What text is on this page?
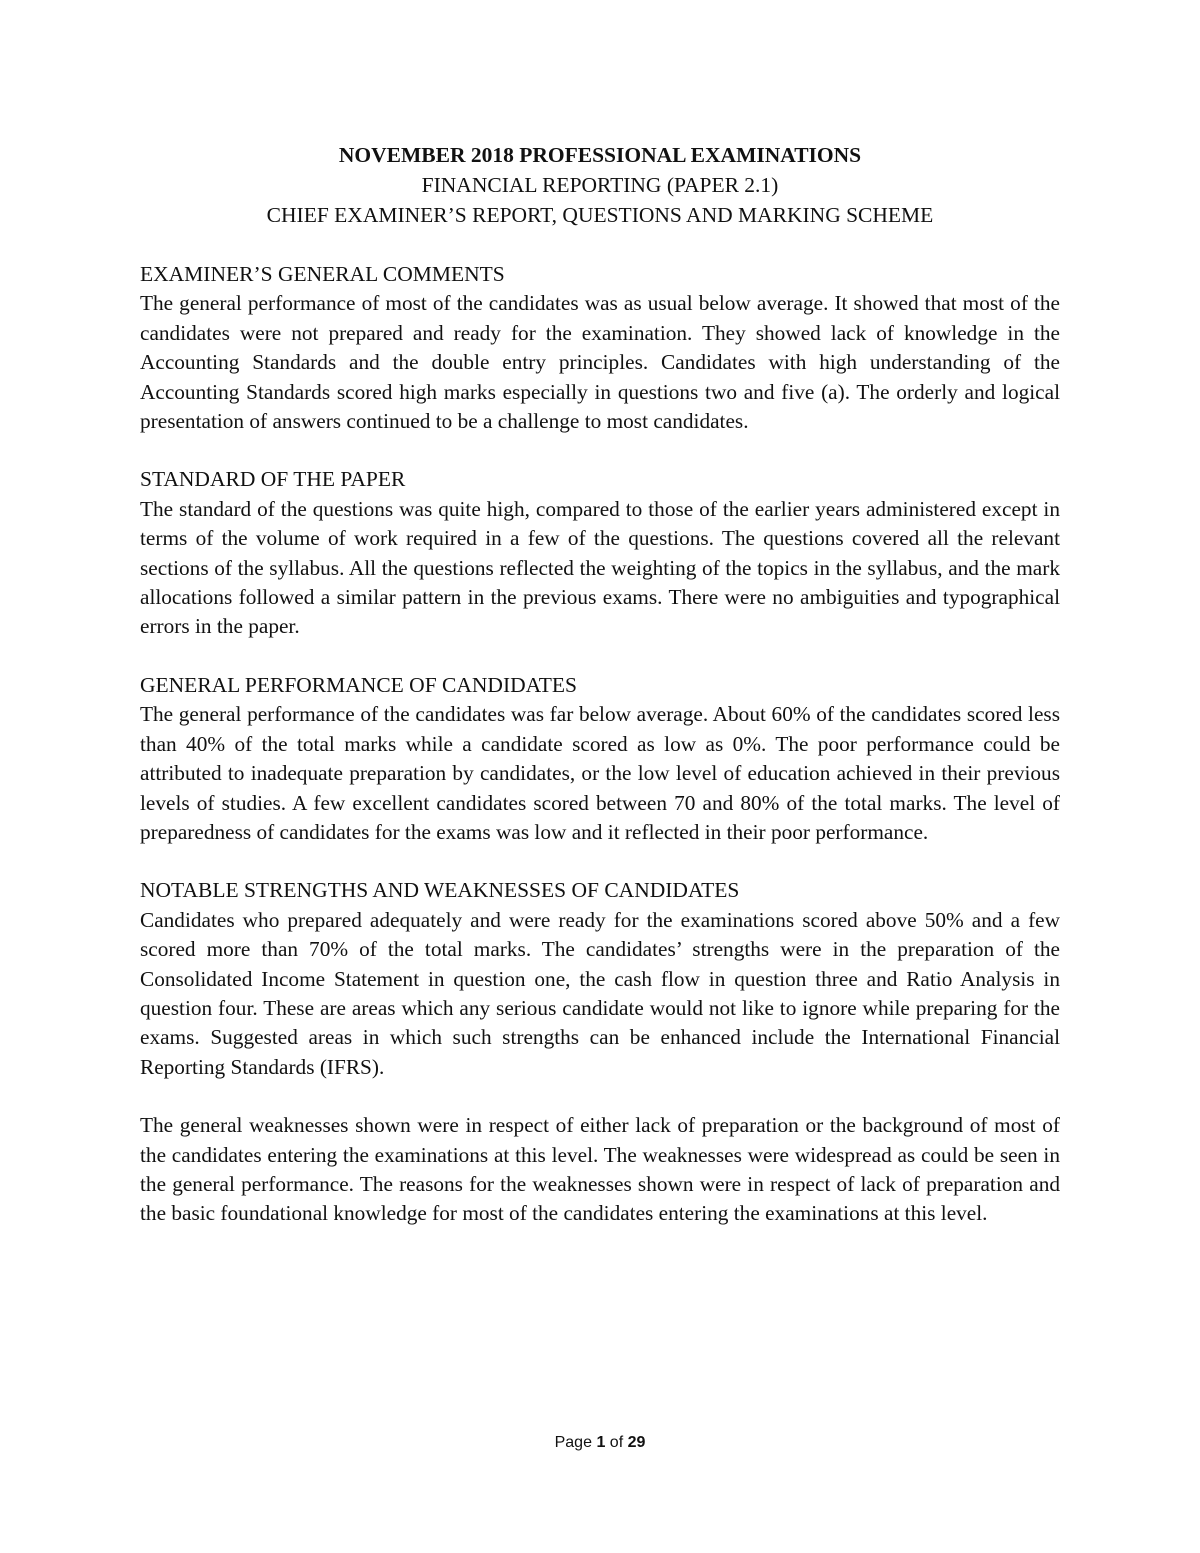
NOVEMBER 2018 PROFESSIONAL EXAMINATIONS
FINANCIAL REPORTING (PAPER 2.1)
CHIEF EXAMINER’S REPORT, QUESTIONS AND MARKING SCHEME
EXAMINER’S GENERAL COMMENTS

The general performance of most of the candidates was as usual below average. It showed that most of the candidates were not prepared and ready for the examination. They showed lack of knowledge in the Accounting Standards and the double entry principles. Candidates with high understanding of the Accounting Standards scored high marks especially in questions two and five (a). The orderly and logical presentation of answers continued to be a challenge to most candidates.

STANDARD OF THE PAPER

The standard of the questions was quite high, compared to those of the earlier years administered except in terms of the volume of work required in a few of the questions. The questions covered all the relevant sections of the syllabus. All the questions reflected the weighting of the topics in the syllabus, and the mark allocations followed a similar pattern in the previous exams. There were no ambiguities and typographical errors in the paper.

GENERAL PERFORMANCE OF CANDIDATES

The general performance of the candidates was far below average. About 60% of the candidates scored less than 40% of the total marks while a candidate scored as low as 0%. The poor performance could be attributed to inadequate preparation by candidates, or the low level of education achieved in their previous levels of studies. A few excellent candidates scored between 70 and 80% of the total marks. The level of preparedness of candidates for the exams was low and it reflected in their poor performance.

NOTABLE STRENGTHS AND WEAKNESSES OF CANDIDATES

Candidates who prepared adequately and were ready for the examinations scored above 50% and a few scored more than 70% of the total marks. The candidates’ strengths were in the preparation of the Consolidated Income Statement in question one, the cash flow in question three and Ratio Analysis in question four. These are areas which any serious candidate would not like to ignore while preparing for the exams. Suggested areas in which such strengths can be enhanced include the International Financial Reporting Standards (IFRS).

The general weaknesses shown were in respect of either lack of preparation or the background of most of the candidates entering the examinations at this level. The weaknesses were widespread as could be seen in the general performance. The reasons for the weaknesses shown were in respect of lack of preparation and the basic foundational knowledge for most of the candidates entering the examinations at this level.

Page 1 of 29
